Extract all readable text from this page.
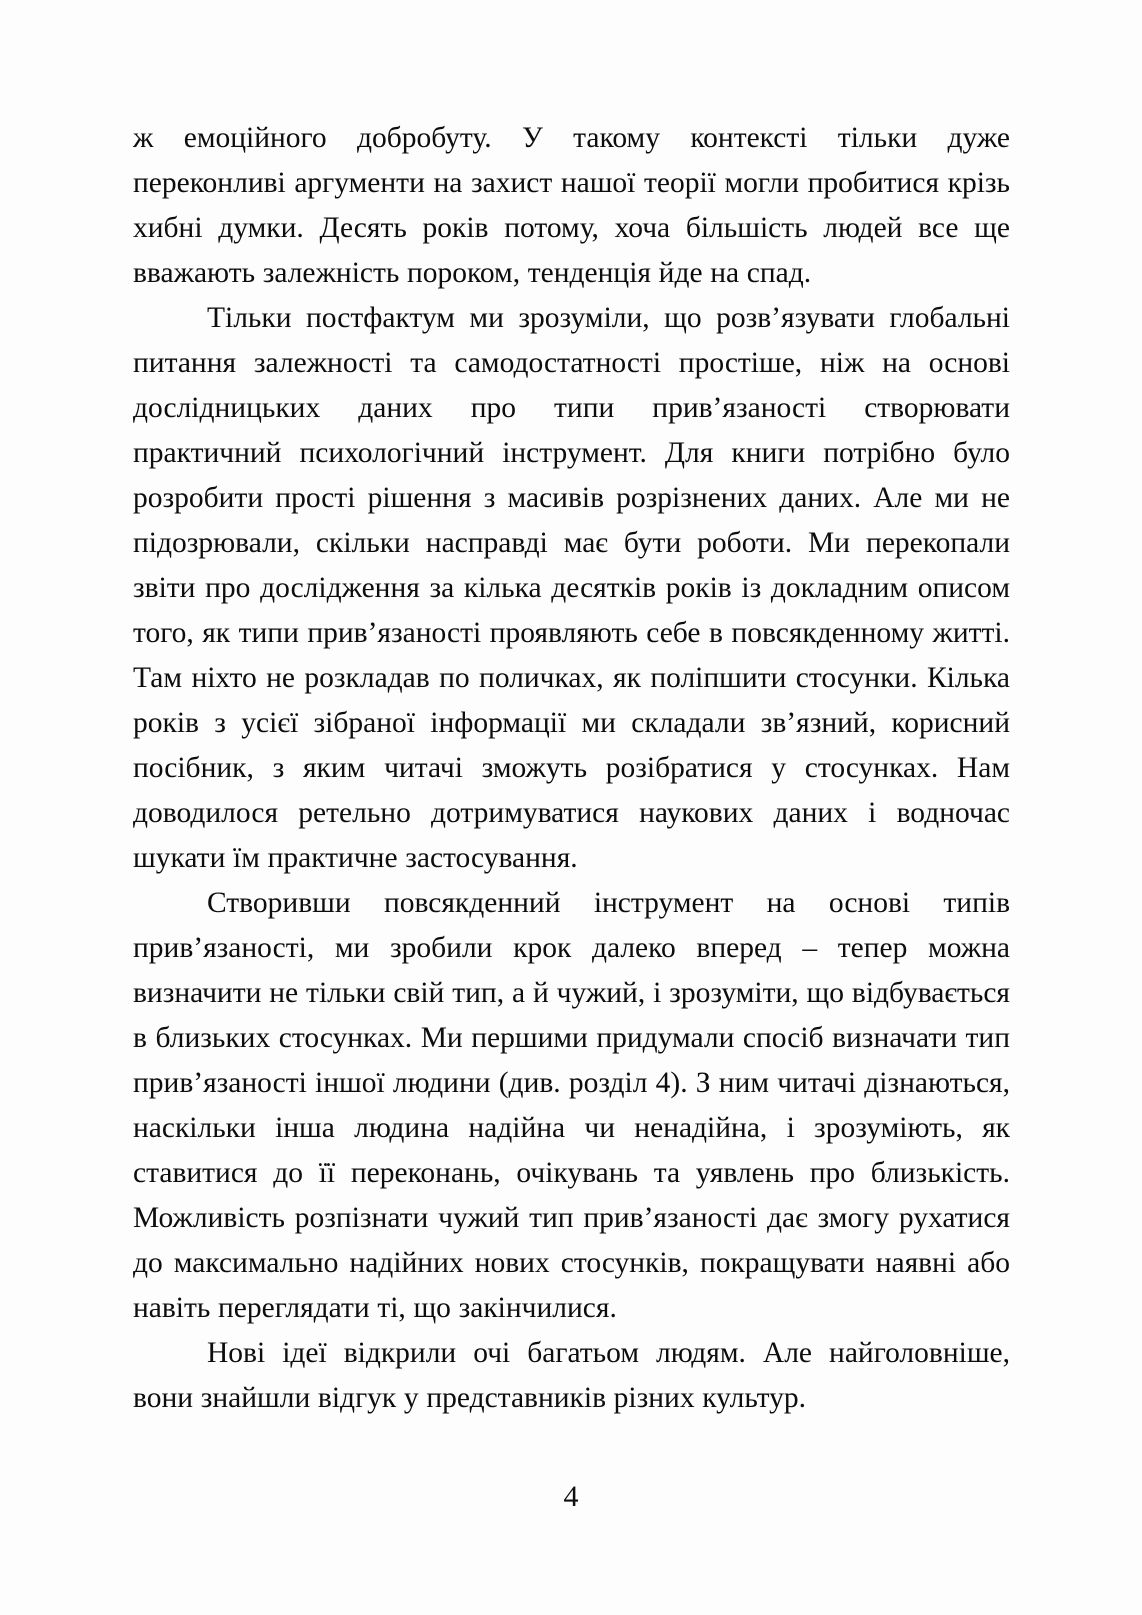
ж емоційного добробуту. У такому контексті тільки дуже переконливі аргументи на захист нашої теорії могли пробитися крізь хибні думки. Десять років потому, хоча більшість людей все ще вважають залежність пороком, тенденція йде на спад.

Тільки постфактум ми зрозуміли, що розв’язувати глобальні питання залежності та самодостатності простіше, ніж на основі дослідницьких даних про типи прив’язаності створювати практичний психологічний інструмент. Для книги потрібно було розробити прості рішення з масивів розрізнених даних. Але ми не підозрювали, скільки насправді має бути роботи. Ми перекопали звіти про дослідження за кілька десятків років із докладним описом того, як типи прив’язаності проявляють себе в повсякденному житті. Там ніхто не розкладав по поличках, як поліпшити стосунки. Кілька років з усієї зібраної інформації ми складали зв’язний, корисний посібник, з яким читачі зможуть розібратися у стосунках. Нам доводилося ретельно дотримуватися наукових даних і водночас шукати їм практичне застосування.

Створивши повсякденний інструмент на основі типів прив’язаності, ми зробили крок далеко вперед – тепер можна визначити не тільки свій тип, а й чужий, і зрозуміти, що відбувається в близьких стосунках. Ми першими придумали спосіб визначати тип прив’язаності іншої людини (див. розділ 4). З ним читачі дізнаються, наскільки інша людина надійна чи ненадійна, і зрозуміють, як ставитися до її переконань, очікувань та уявлень про близькість. Можливість розпізнати чужий тип прив’язаності дає змогу рухатися до максимально надійних нових стосунків, покращувати наявні або навіть переглядати ті, що закінчилися.

Нові ідеї відкрили очі багатьом людям. Але найголовніше, вони знайшли відгук у представників різних культур.

4
